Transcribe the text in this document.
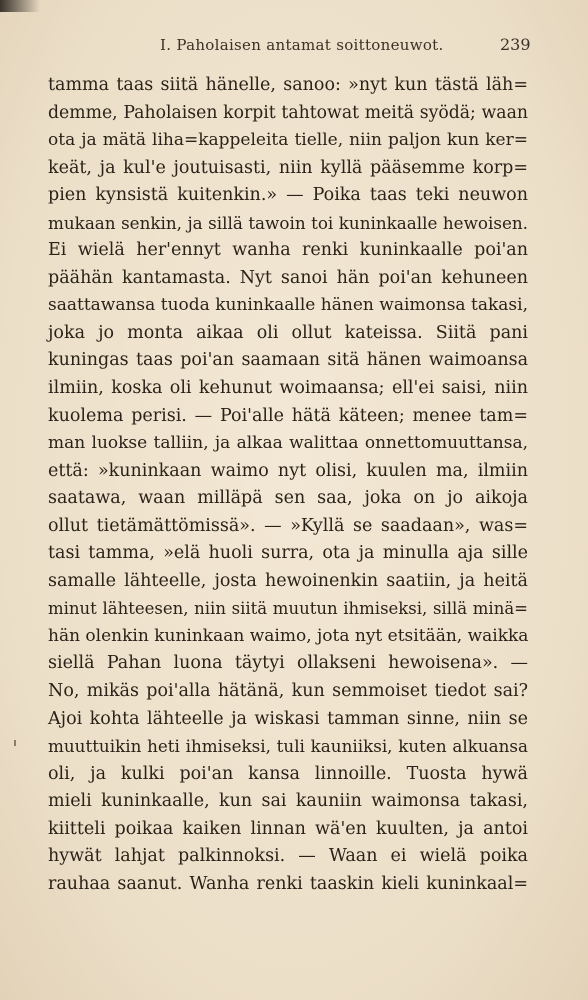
I. Paholaisen antamat soittoneuwot.	239
tamma taas siitä hänelle, sanoo: »nyt kun tästä läh=
demme, Paholaisen korpit tahtowat meitä syödä; waan
ota ja mätä liha=kappeleita tielle, niin paljon kun ker=
keät, ja kul'e joutuisasti, niin kyllä pääsemme korp=
pien kynsistä kuitenkin.» — Poika taas teki neuwon
mukaan senkin, ja sillä tawoin toi kuninkaalle hewoisen.
Ei wielä her'ennyt wanha renki kuninkaalle poi'an
päähän kantamasta. Nyt sanoi hän poi'an kehuneen
saattawansa tuoda kuninkaalle hänen waimonsa takasi,
joka jo monta aikaa oli ollut kateissa. Siitä pani
kuningas taas poi'an saamaan sitä hänen waimoansa
ilmiin, koska oli kehunut woimaansa; ell'ei saisi, niin
kuolema perisi. — Poi'alle hätä käteen; menee tam=
man luokse talliin, ja alkaa walittaa onnettomuuttansa,
että: »kuninkaan waimo nyt olisi, kuulen ma, ilmiin
saatawa, waan milläpä sen saa, joka on jo aikoja
ollut tietämättömissä». — »Kyllä se saadaan», was=
tasi tamma, »elä huoli surra, ota ja minulla aja sille
samalle lähteelle, josta hewoinenkin saatiin, ja heitä
minut lähteesen, niin siitä muutun ihmiseksi, sillä minä=
hän olenkin kuninkaan waimo, jota nyt etsitään, waikka
siellä Pahan luona täytyi ollakseni hewoisena». —
No, mikäs poi'alla hätänä, kun semmoiset tiedot sai?
Ajoi kohta lähteelle ja wiskasi tamman sinne, niin se
muuttuikin heti ihmiseksi, tuli kauniiksi, kuten alkuansa
oli, ja kulki poi'an kansa linnoille. Tuosta hywä
mieli kuninkaalle, kun sai kauniin waimonsa takasi,
kiitteli poikaa kaiken linnan wä'en kuulten, ja antoi
hywät lahjat palkinnoksi. — Waan ei wielä poika
rauhaa saanut. Wanha renki taaskin kieli kuninkaal=
